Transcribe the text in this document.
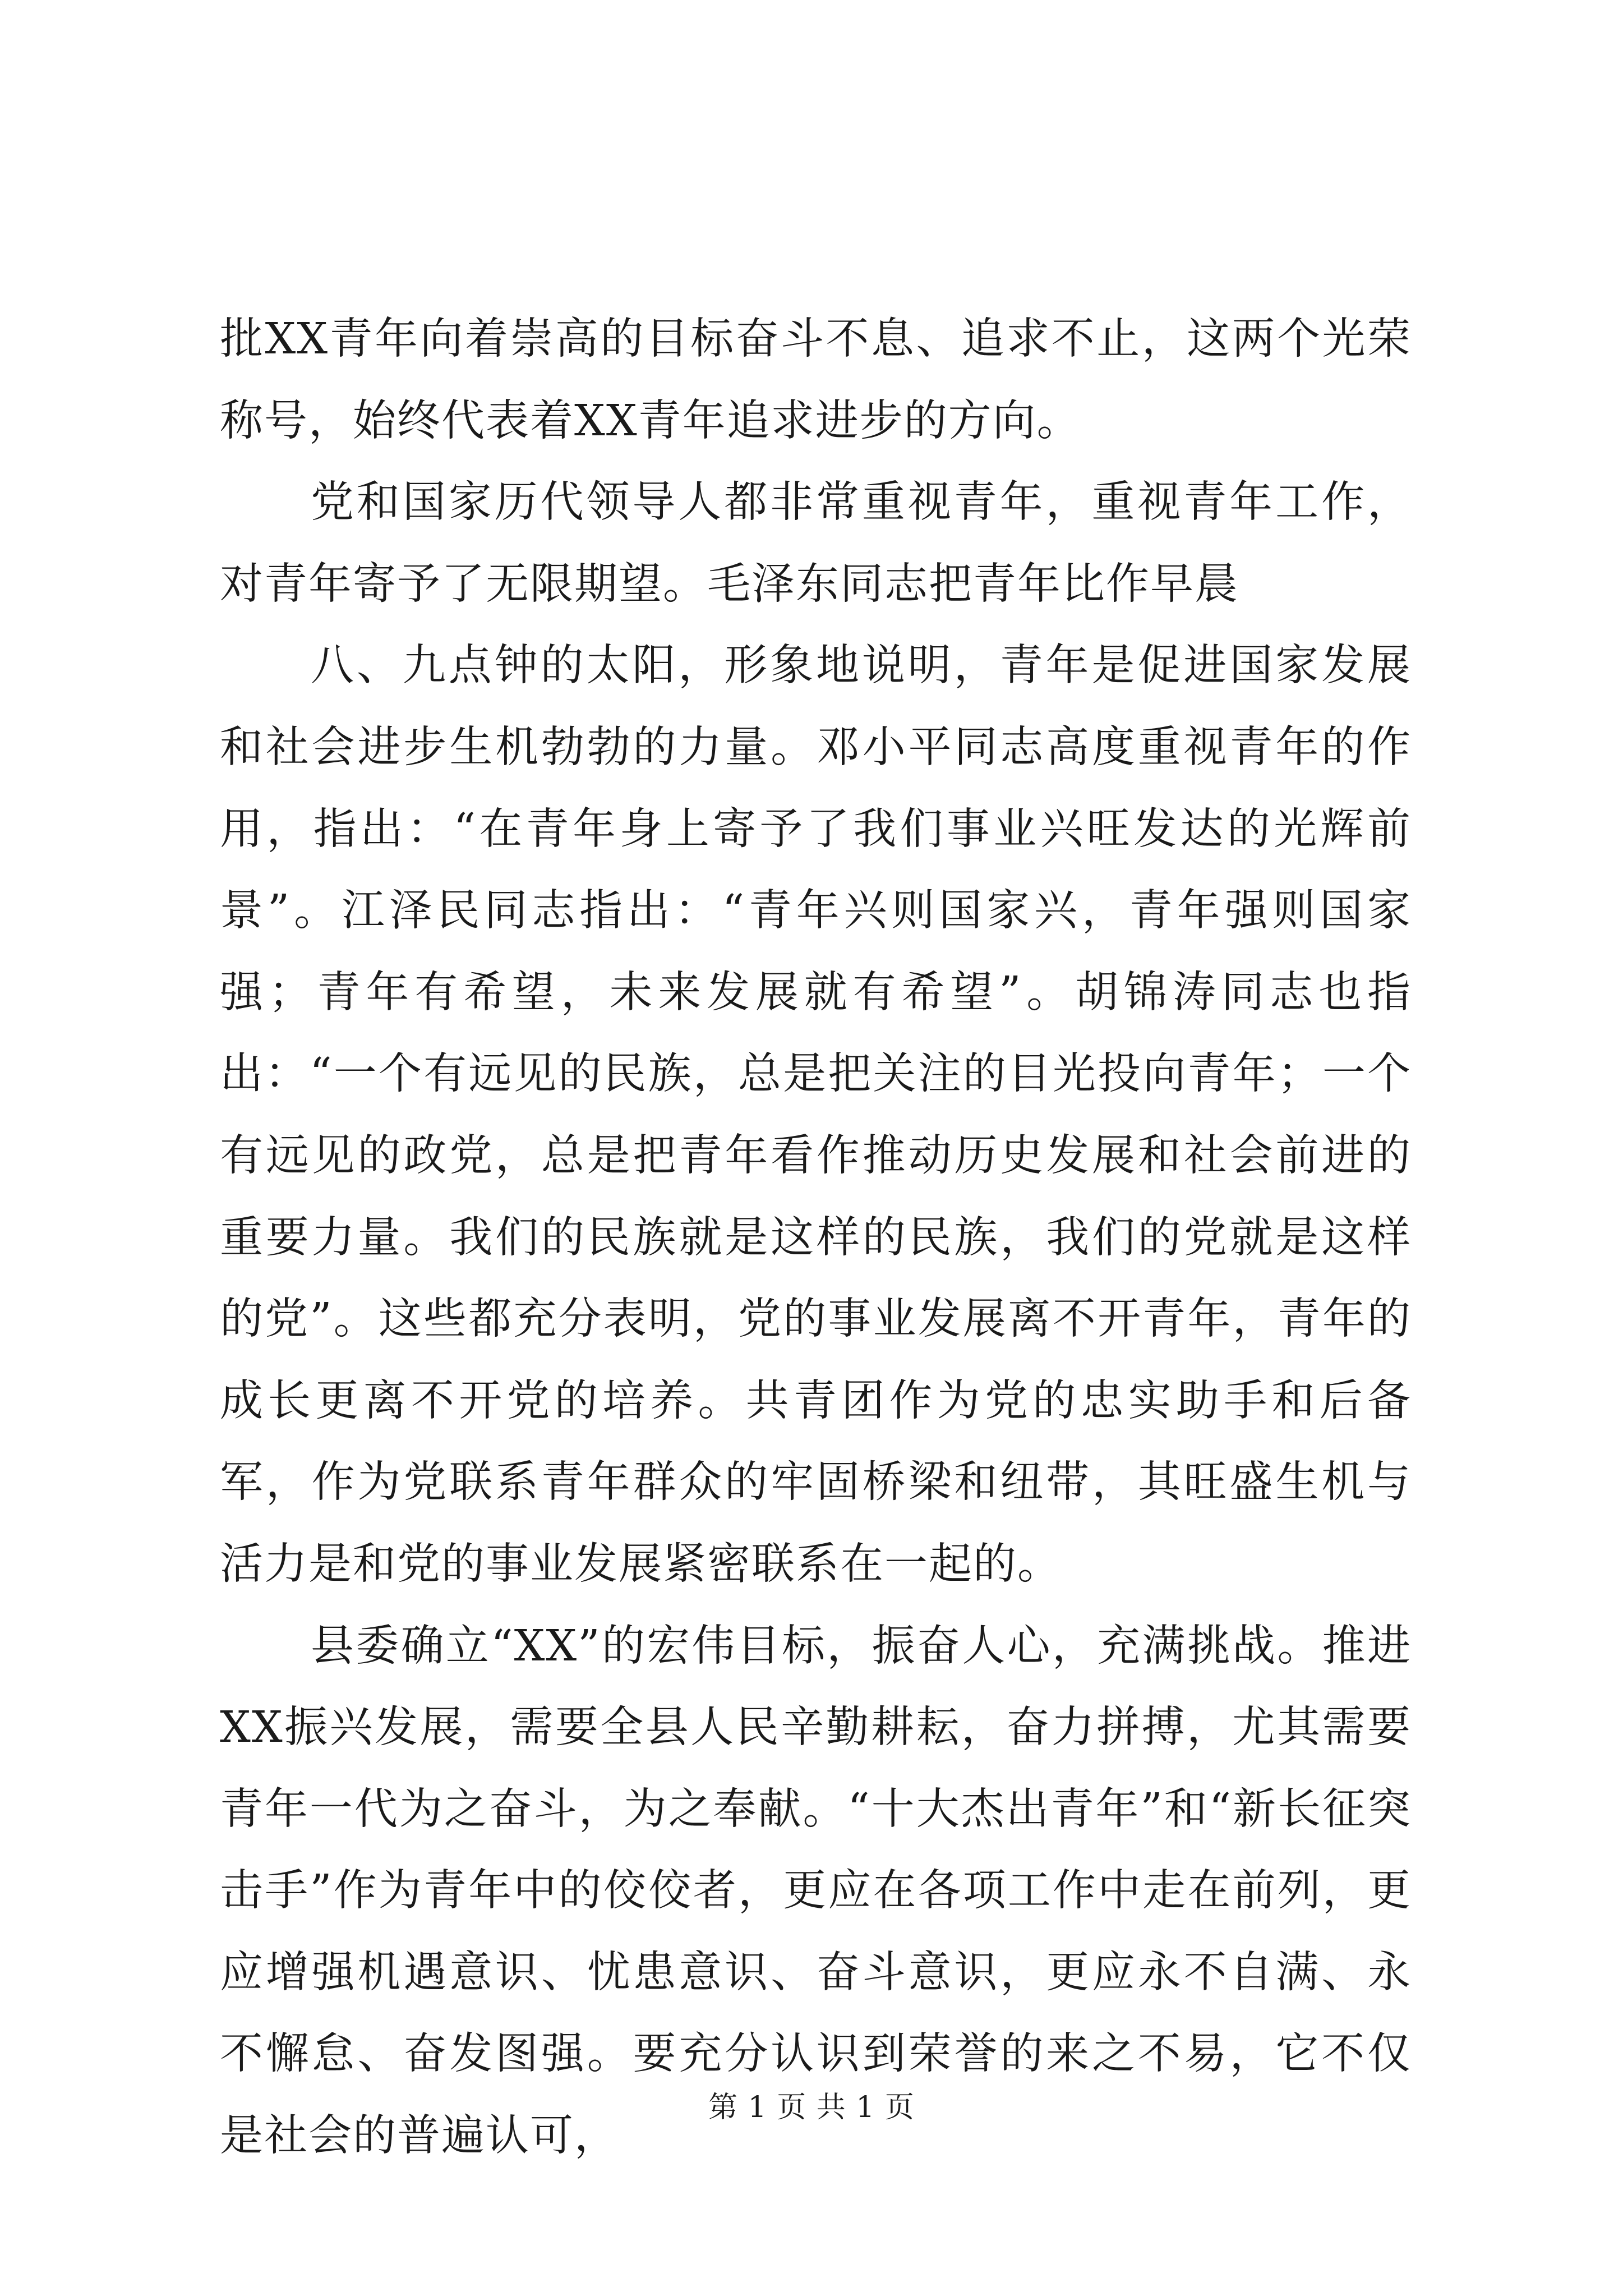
批XX青年向着崇高的目标奋斗不息、追求不止，这两个光荣称号，始终代表着XX青年追求进步的方向。

党和国家历代领导人都非常重视青年，重视青年工作，对青年寄予了无限期望。毛泽东同志把青年比作早晨

八、九点钟的太阳，形象地说明，青年是促进国家发展和社会进步生机勃勃的力量。邓小平同志高度重视青年的作用，指出：“在青年身上寄予了我们事业兴旺发达的光辉前景”。江泽民同志指出：“青年兴则国家兴，青年强则国家强；青年有希望，未来发展就有希望”。胡锦涛同志也指出：“一个有远见的民族，总是把关注的目光投向青年；一个有远见的政党，总是把青年看作推动历史发展和社会前进的重要力量。我们的民族就是这样的民族，我们的党就是这样的党”。这些都充分表明，党的事业发展离不开青年，青年的成长更离不开党的培养。共青团作为党的忠实助手和后备军，作为党联系青年群众的牢固桥梁和纽带，其旺盛生机与活力是和党的事业发展紧密联系在一起的。

县委确立“XX”的宏伟目标，振奋人心，充满挑战。推进XX振兴发展，需要全县人民辛勤耕耘，奋力拼搏，尤其需要青年一代为之奋斗，为之奉献。“十大杰出青年”和“新长征突击手”作为青年中的佼佼者，更应在各项工作中走在前列，更应增强机遇意识、忧患意识、奋斗意识，更应永不自满、永不懈怠、奋发图强。要充分认识到荣誉的来之不易，它不仅是社会的普遍认可，

第 1 页 共 1 页
